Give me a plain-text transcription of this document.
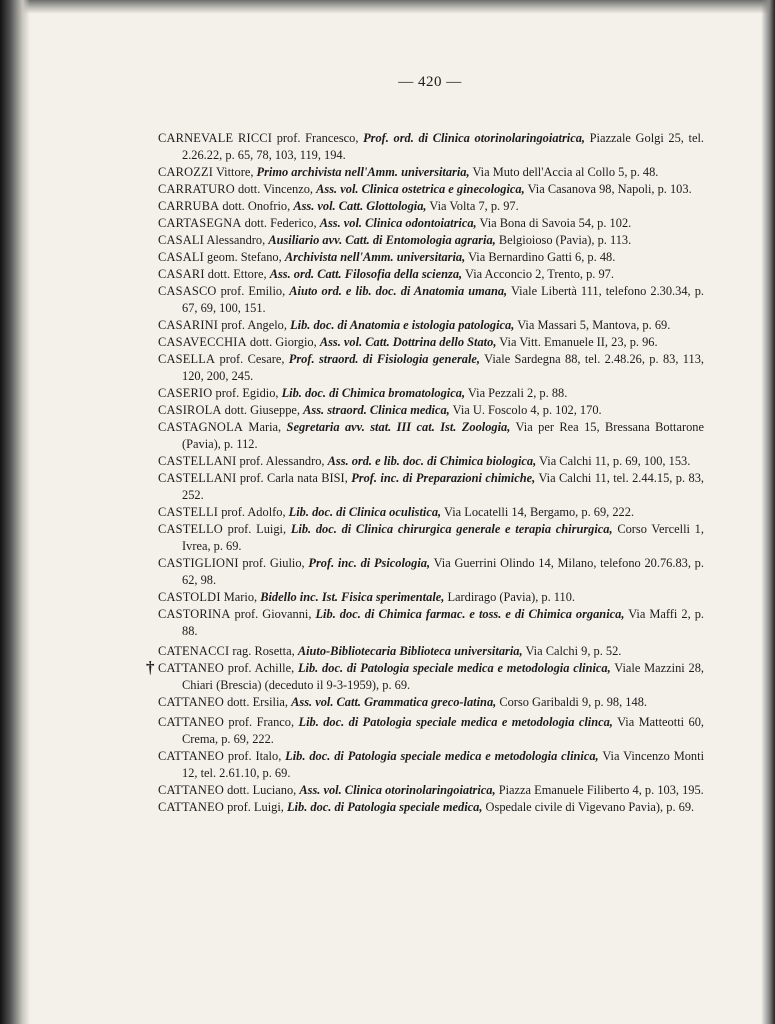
— 420 —
CARNEVALE RICCI prof. Francesco, Prof. ord. di Clinica otorinolaringoiatrica, Piazzale Golgi 25, tel. 2.26.22, p. 65, 78, 103, 119, 194.
CAROZZI Vittore, Primo archivista nell'Amm. universitaria, Via Muto dell'Accia al Collo 5, p. 48.
CARRATURO dott. Vincenzo, Ass. vol. Clinica ostetrica e ginecologica, Via Casanova 98, Napoli, p. 103.
CARRUBA dott. Onofrio, Ass. vol. Catt. Glottologia, Via Volta 7, p. 97.
CARTASEGNA dott. Federico, Ass. vol. Clinica odontoiatrica, Via Bona di Savoia 54, p. 102.
CASALI Alessandro, Ausiliario avv. Catt. di Entomologia agraria, Belgioioso (Pavia), p. 113.
CASALI geom. Stefano, Archivista nell'Amm. universitaria, Via Bernardino Gatti 6, p. 48.
CASARI dott. Ettore, Ass. ord. Catt. Filosofia della scienza, Via Acconcio 2, Trento, p. 97.
CASASCO prof. Emilio, Aiuto ord. e lib. doc. di Anatomia umana, Viale Libertà 111, telefono 2.30.34, p. 67, 69, 100, 151.
CASARINI prof. Angelo, Lib. doc. di Anatomia e istologia patologica, Via Massari 5, Mantova, p. 69.
CASAVECCHIA dott. Giorgio, Ass. vol. Catt. Dottrina dello Stato, Via Vitt. Emanuele II, 23, p. 96.
CASELLA prof. Cesare, Prof. straord. di Fisiologia generale, Viale Sardegna 88, tel. 2.48.26, p. 83, 113, 120, 200, 245.
CASERIO prof. Egidio, Lib. doc. di Chimica bromatologica, Via Pezzali 2, p. 88.
CASIROLA dott. Giuseppe, Ass. straord. Clinica medica, Via U. Foscolo 4, p. 102, 170.
CASTAGNOLA Maria, Segretaria avv. stat. III cat. Ist. Zoologia, Via per Rea 15, Bressana Bottarone (Pavia), p. 112.
CASTELLANI prof. Alessandro, Ass. ord. e lib. doc. di Chimica biologica, Via Calchi 11, p. 69, 100, 153.
CASTELLANI prof. Carla nata BISI, Prof. inc. di Preparazioni chimiche, Via Calchi 11, tel. 2.44.15, p. 83, 252.
CASTELLI prof. Adolfo, Lib. doc. di Clinica oculistica, Via Locatelli 14, Bergamo, p. 69, 222.
CASTELLO prof. Luigi, Lib. doc. di Clinica chirurgica generale e terapia chirurgica, Corso Vercelli 1, Ivrea, p. 69.
CASTIGLIONI prof. Giulio, Prof. inc. di Psicologia, Via Guerrini Olindo 14, Milano, telefono 20.76.83, p. 62, 98.
CASTOLDI Mario, Bidello inc. Ist. Fisica sperimentale, Lardirago (Pavia), p. 110.
CASTORINA prof. Giovanni, Lib. doc. di Chimica farmac. e toss. e di Chimica organica, Via Maffi 2, p. 88.
CATENACCI rag. Rosetta, Aiuto-Bibliotecaria Biblioteca universitaria, Via Calchi 9, p. 52.
† CATTANEO prof. Achille, Lib. doc. di Patologia speciale medica e metodologia clinica, Viale Mazzini 28, Chiari (Brescia) (deceduto il 9-3-1959), p. 69.
CATTANEO dott. Ersilia, Ass. vol. Catt. Grammatica greco-latina, Corso Garibaldi 9, p. 98, 148.
CATTANEO prof. Franco, Lib. doc. di Patologia speciale medica e metodologia clinca, Via Matteotti 60, Crema, p. 69, 222.
CATTANEO prof. Italo, Lib. doc. di Patologia speciale medica e metodologia clinica, Via Vincenzo Monti 12, tel. 2.61.10, p. 69.
CATTANEO dott. Luciano, Ass. vol. Clinica otorinolaringoiatrica, Piazza Emanuele Filiberto 4, p. 103, 195.
CATTANEO prof. Luigi, Lib. doc. di Patologia speciale medica, Ospedale civile di Vigevano Pavia), p. 69.
